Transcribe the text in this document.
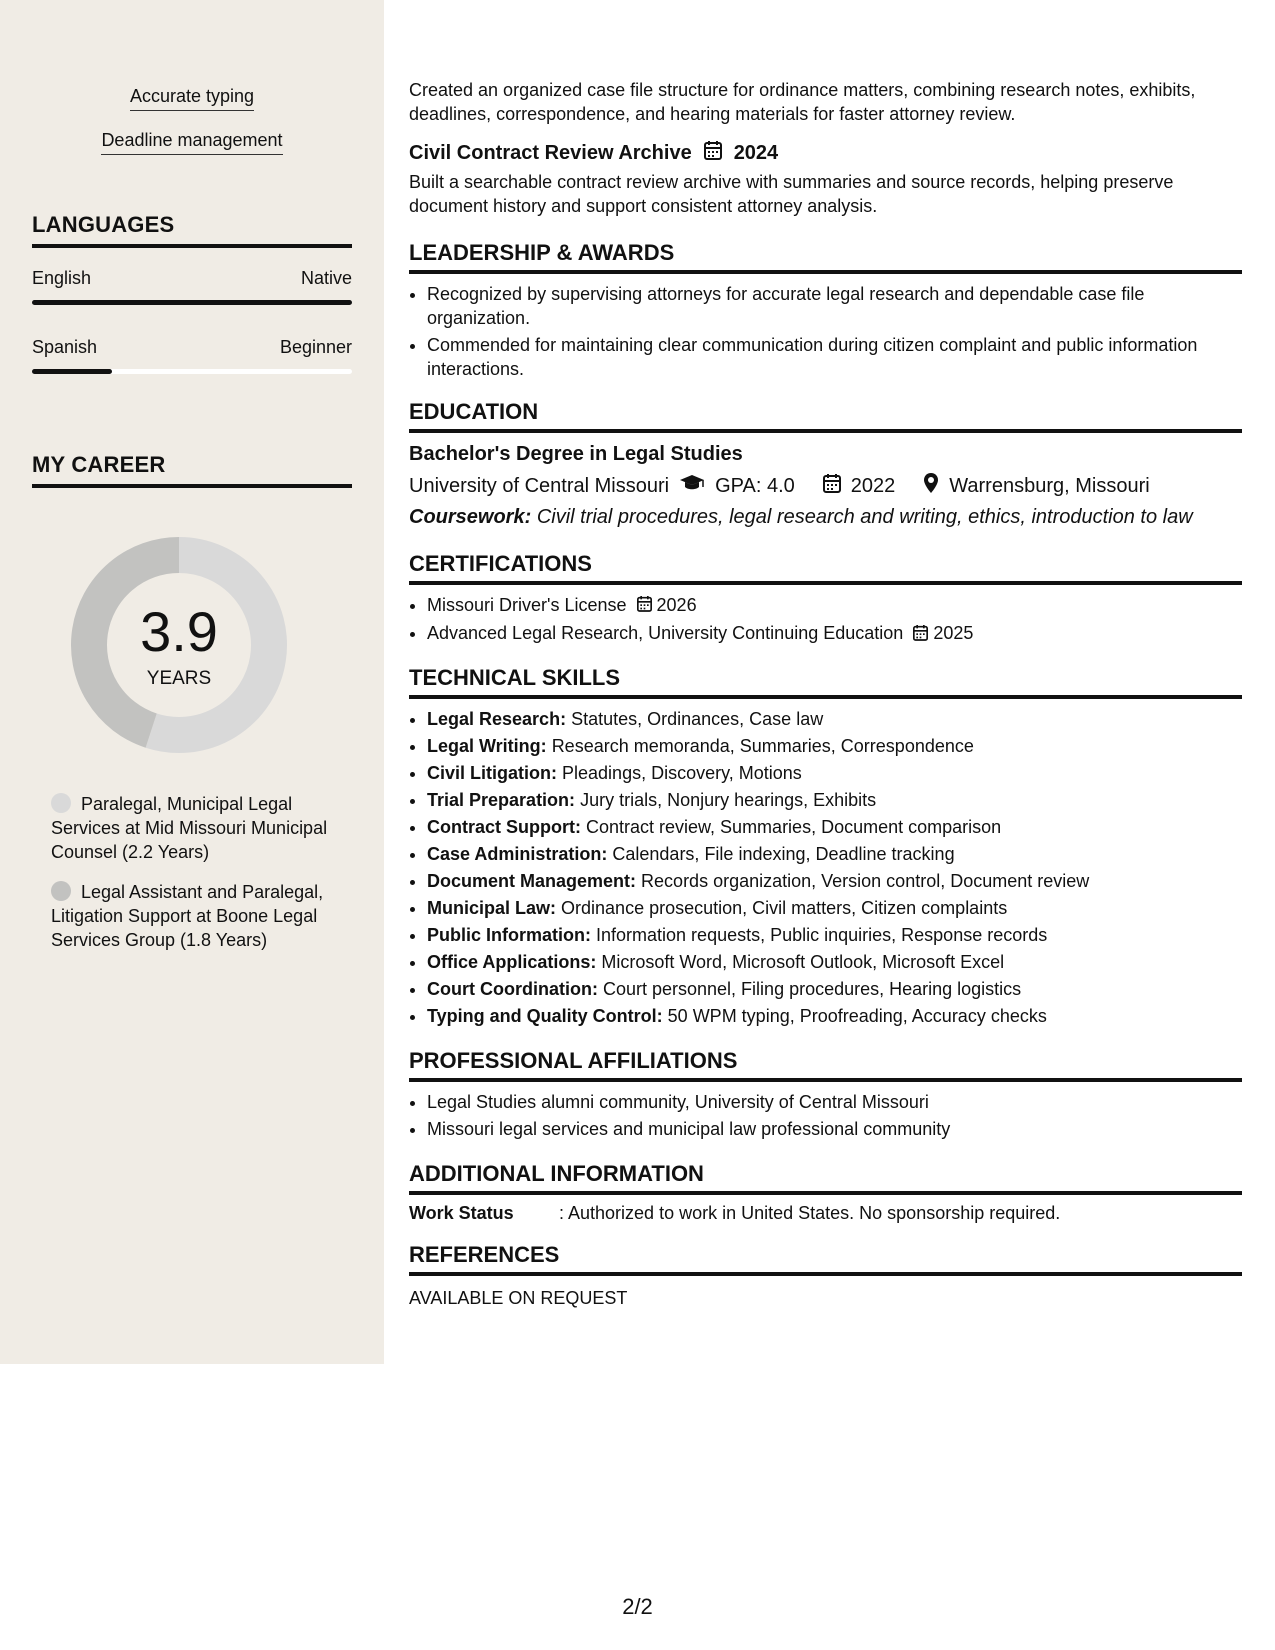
Accurate typing
Deadline management
LANGUAGES
English	Native
Spanish	Beginner
MY CAREER
3.9
YEARS
Paralegal, Municipal Legal Services at Mid Missouri Municipal Counsel (2.2 Years)
Legal Assistant and Paralegal, Litigation Support at Boone Legal Services Group (1.8 Years)

Created an organized case file structure for ordinance matters, combining research notes, exhibits, deadlines, correspondence, and hearing materials for faster attorney review.

Civil Contract Review Archive 2024

Built a searchable contract review archive with summaries and source records, helping preserve document history and support consistent attorney analysis.

LEADERSHIP & AWARDS
• Recognized by supervising attorneys for accurate legal research and dependable case file organization.
• Commended for maintaining clear communication during citizen complaint and public information interactions.
EDUCATION
Bachelor's Degree in Legal Studies
University of Central Missouri GPA: 4.0	2022	Warrensburg, Missouri
Coursework: Civil trial procedures, legal research and writing, ethics, introduction to law
CERTIFICATIONS
• Missouri Driver's License 2026
• Advanced Legal Research, University Continuing Education 2025
TECHNICAL SKILLS
• Legal Research: Statutes, Ordinances, Case law
• Legal Writing: Research memoranda, Summaries, Correspondence
• Civil Litigation: Pleadings, Discovery, Motions
• Trial Preparation: Jury trials, Nonjury hearings, Exhibits
• Contract Support: Contract review, Summaries, Document comparison
• Case Administration: Calendars, File indexing, Deadline tracking
• Document Management: Records organization, Version control, Document review
• Municipal Law: Ordinance prosecution, Civil matters, Citizen complaints
• Public Information: Information requests, Public inquiries, Response records
• Office Applications: Microsoft Word, Microsoft Outlook, Microsoft Excel
• Court Coordination: Court personnel, Filing procedures, Hearing logistics
• Typing and Quality Control: 50 WPM typing, Proofreading, Accuracy checks
PROFESSIONAL AFFILIATIONS
• Legal Studies alumni community, University of Central Missouri
• Missouri legal services and municipal law professional community
ADDITIONAL INFORMATION
Work Status	: Authorized to work in United States. No sponsorship required.
REFERENCES
AVAILABLE ON REQUEST
2/2
